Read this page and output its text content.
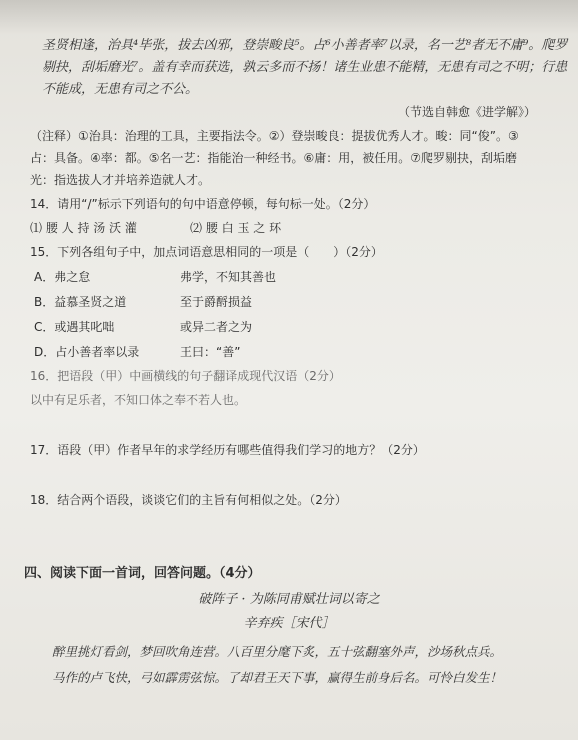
圣贤相逢，治具⁴毕张，拔去凶邪，登崇畯良⁵。占⁶小善者率⁷以录，名一艺⁸者无不庸⁹。爬罗
剔抉，刮垢磨光⁷。盖有幸而获选，孰云多而不扬！诸生业患不能精，无患有司之不明；行患
不能成，无患有司之不公。
（节选自韩愈《进学解》）
（注释）①治具：治理的工具，主要指法令。②）登崇畯良：提拔优秀人才。畯：同“俊”。③
占：具备。④率：都。⑤名一艺：指能治一种经书。⑥庸：用，被任用。⑦爬罗剔抉，刮垢磨
光：指选拔人才并培养造就人才。
14．请用“/”标示下列语句的句中语意停顿，每句标一处。（2分）
⑴ 腰 人 持 汤 沃 灌	⑵ 腰 白 玉 之 环
15．下列各组句子中，加点词语意思相同的一项是（　　）（2分）
A．弗之怠	弗学，不知其善也
B．益慕圣贤之道	至于爵酹损益
C．或遇其叱咄	或异二者之为
D．占小善者率以录	王曰：“善”
16．把语段（甲）中画横线的句子翻译成现代汉语（2分）
以中有足乐者，不知口体之奉不若人也。
17．语段（甲）作者早年的求学经历有哪些值得我们学习的地方？（2分）
18．结合两个语段，谈谈它们的主旨有何相似之处。（2分）
四、阅读下面一首词，回答问题。（4分）
破阵子 · 为陈同甫赋壮词以寄之
辛弃疾［宋代］
醉里挑灯看剑，梦回吹角连营。八百里分麾下炙，五十弦翻塞外声，沙场秋点兵。
马作的卢飞快，弓如霹雳弦惊。了却君王天下事，赢得生前身后名。可怜白发生！
